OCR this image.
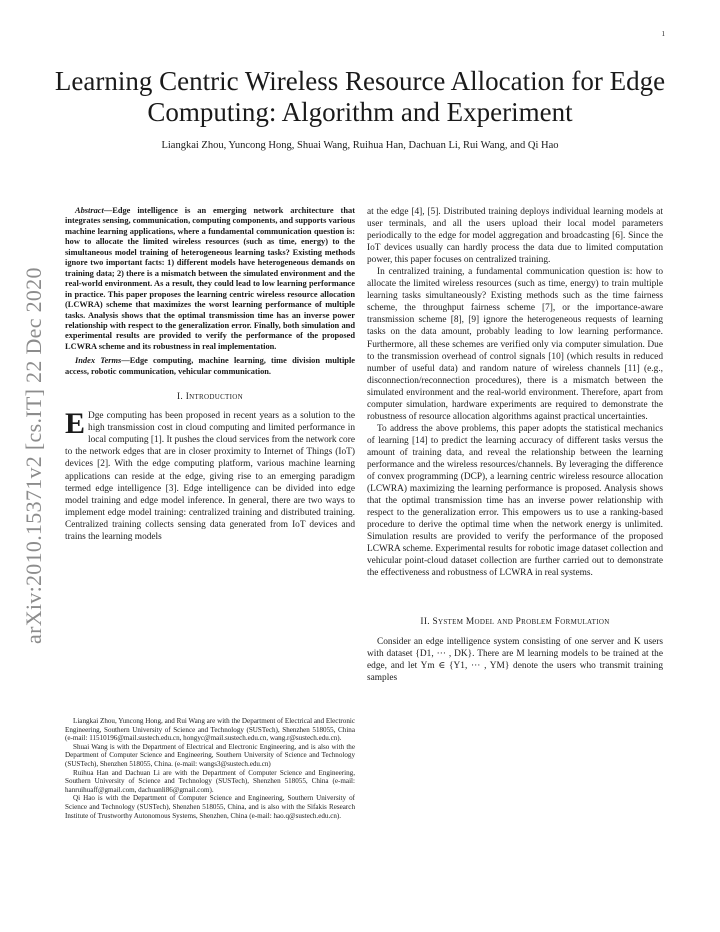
1
arXiv:2010.15371v2 [cs.IT] 22 Dec 2020
Learning Centric Wireless Resource Allocation for Edge Computing: Algorithm and Experiment
Liangkai Zhou, Yuncong Hong, Shuai Wang, Ruihua Han, Dachuan Li, Rui Wang, and Qi Hao

Abstract—Edge intelligence is an emerging network architecture that integrates sensing, communication, computing components, and supports various machine learning applications, where a fundamental communication question is: how to allocate the limited wireless resources (such as time, energy) to the simultaneous model training of heterogeneous learning tasks? Existing methods ignore two important facts: 1) different models have heterogeneous demands on training data; 2) there is a mismatch between the simulated environment and the real-world environment. As a result, they could lead to low learning performance in practice. This paper proposes the learning centric wireless resource allocation (LCWRA) scheme that maximizes the worst learning performance of multiple tasks. Analysis shows that the optimal transmission time has an inverse power relationship with respect to the generalization error. Finally, both simulation and experimental results are provided to verify the performance of the proposed LCWRA scheme and its robustness in real implementation.

Index Terms—Edge computing, machine learning, time division multiple access, robotic communication, vehicular communication.

I. Introduction

E Dge computing has been proposed in recent years as a solution to the high transmission cost in cloud computing and limited performance in local computing [1]. It pushes the cloud services from the network core to the network edges that are in closer proximity to Internet of Things (IoT) devices [2]. With the edge computing platform, various machine learning applications can reside at the edge, giving rise to an emerging paradigm termed edge intelligence [3]. Edge intelligence can be divided into edge model training and edge model inference. In general, there are two ways to implement edge model training: centralized training and distributed training. Centralized training collects sensing data generated from IoT devices and trains the learning models

Liangkai Zhou, Yuncong Hong, and Rui Wang are with the Department of Electrical and Electronic Engineering, Southern University of Science and Technology (SUSTech), Shenzhen 518055, China (e-mail: 11510196@mail.sustech.edu.cn, hongyc@mail.sustech.edu.cn, wang.r@sustech.edu.cn).

Shuai Wang is with the Department of Electrical and Electronic Engineering, and is also with the Department of Computer Science and Engineering, Southern University of Science and Technology (SUSTech), Shenzhen 518055, China. (e-mail: wangs3@sustech.edu.cn)

Ruihua Han and Dachuan Li are with the Department of Computer Science and Engineering, Southern University of Science and Technology (SUSTech), Shenzhen 518055, China (e-mail: hanruihuaff@gmail.com, dachuanli86@gmail.com).

Qi Hao is with the Department of Computer Science and Engineering, Southern University of Science and Technology (SUSTech), Shenzhen 518055, China, and is also with the Sifakis Research Institute of Trustworthy Autonomous Systems, Shenzhen, China (e-mail: hao.q@sustech.edu.cn).

at the edge [4], [5]. Distributed training deploys individual learning models at user terminals, and all the users upload their local model parameters periodically to the edge for model aggregation and broadcasting [6]. Since the IoT devices usually can hardly process the data due to limited computation power, this paper focuses on centralized training.

In centralized training, a fundamental communication question is: how to allocate the limited wireless resources (such as time, energy) to train multiple learning tasks simultaneously? Existing methods such as the time fairness scheme, the throughput fairness scheme [7], or the importance-aware transmission scheme [8], [9] ignore the heterogeneous requests of learning tasks on the data amount, probably leading to low learning performance. Furthermore, all these schemes are verified only via computer simulation. Due to the transmission overhead of control signals [10] (which results in reduced number of useful data) and random nature of wireless channels [11] (e.g., disconnection/reconnection procedures), there is a mismatch between the simulated environment and the real-world environment. Therefore, apart from computer simulation, hardware experiments are required to demonstrate the robustness of resource allocation algorithms against practical uncertainties.

To address the above problems, this paper adopts the statistical mechanics of learning [14] to predict the learning accuracy of different tasks versus the amount of training data, and reveal the relationship between the learning performance and the wireless resources/channels. By leveraging the difference of convex programming (DCP), a learning centric wireless resource allocation (LCWRA) maximizing the learning performance is proposed. Analysis shows that the optimal transmission time has an inverse power relationship with respect to the generalization error. This empowers us to use a ranking-based procedure to derive the optimal time when the network energy is unlimited. Simulation results are provided to verify the performance of the proposed LCWRA scheme. Experimental results for robotic image dataset collection and vehicular point-cloud dataset collection are further carried out to demonstrate the effectiveness and robustness of LCWRA in real systems.

II. System Model and Problem Formulation

Consider an edge intelligence system consisting of one server and K users with dataset {D1, ··· , DK}. There are M learning models to be trained at the edge, and let Ym ∈ {Y1, ··· , YM} denote the users who transmit training samples
